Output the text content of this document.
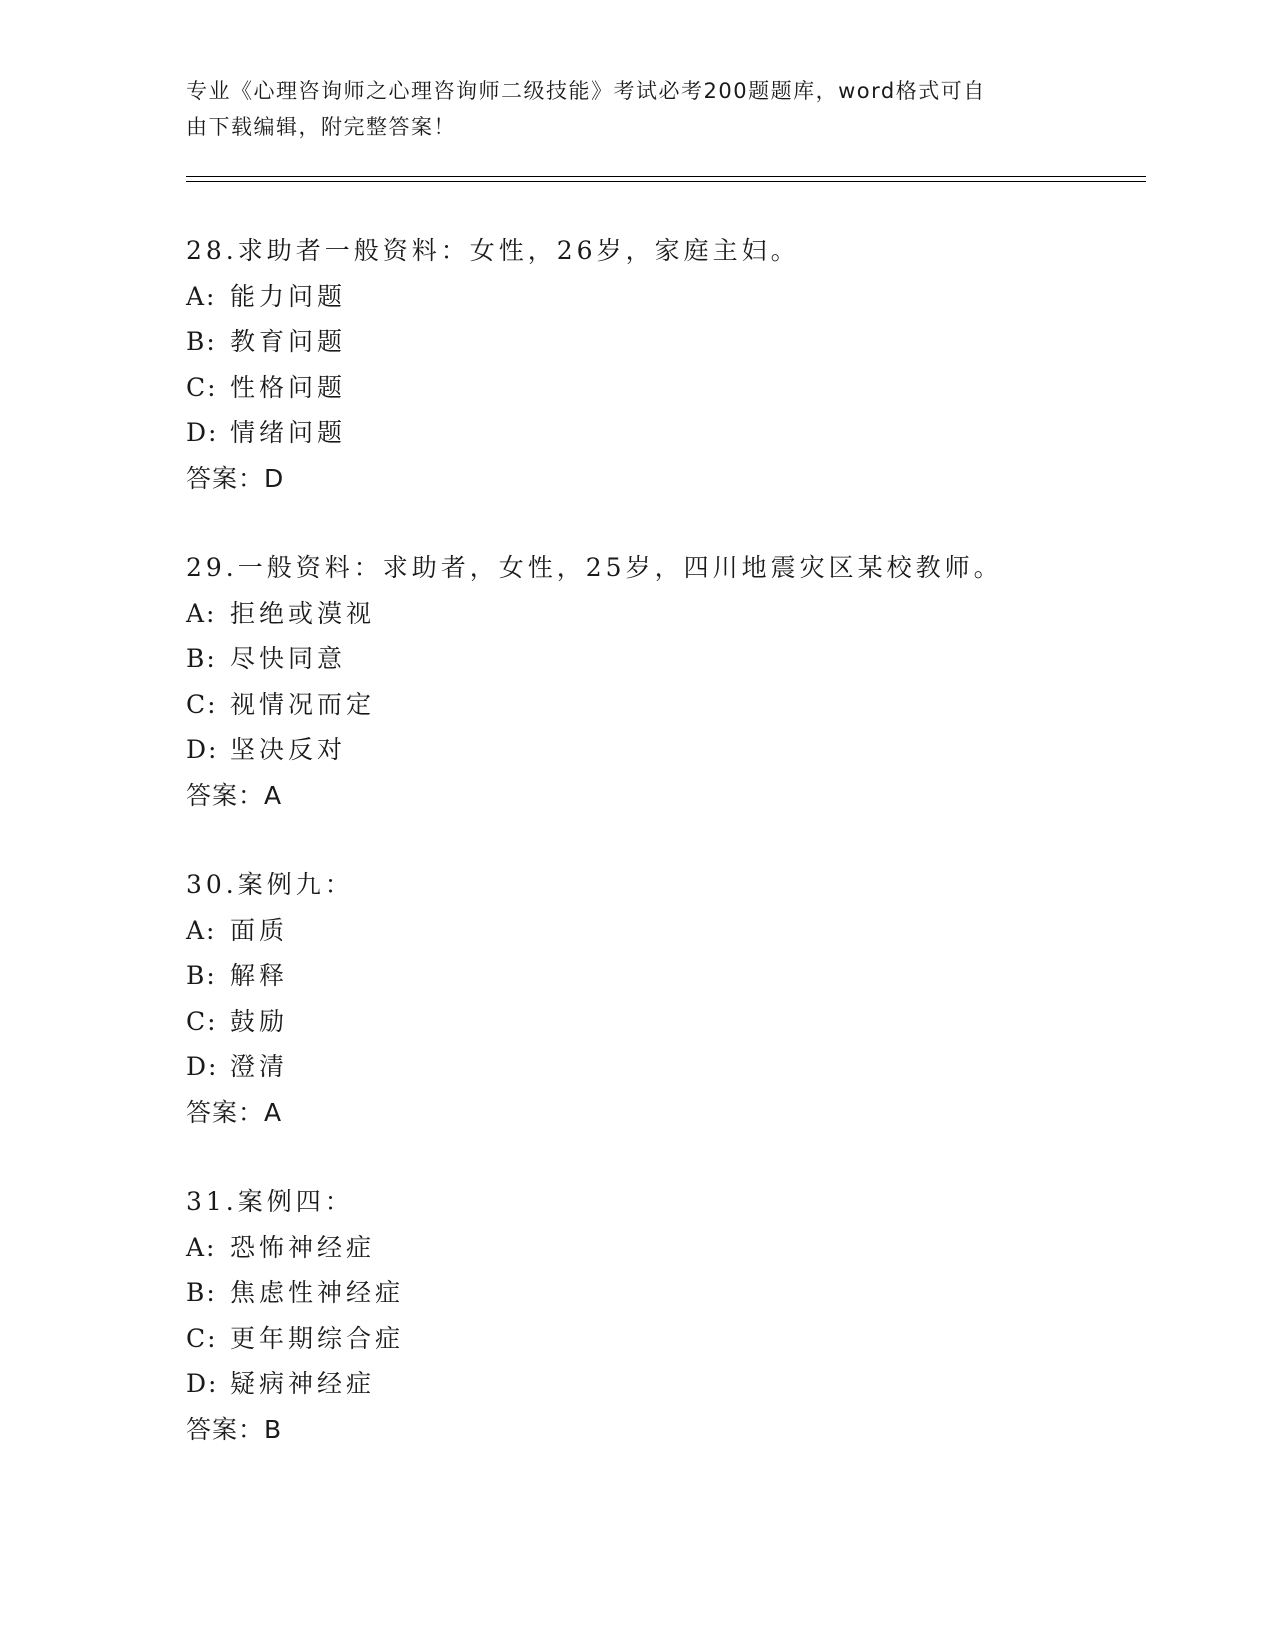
专业《心理咨询师之心理咨询师二级技能》考试必考200题题库，word格式可自
由下载编辑，附完整答案！
28.求助者一般资料：女性，26岁，家庭主妇。
A: 能力问题
B: 教育问题
C: 性格问题
D: 情绪问题
答案：D
29.一般资料：求助者，女性，25岁，四川地震灾区某校教师。
A: 拒绝或漠视
B: 尽快同意
C: 视情况而定
D: 坚决反对
答案：A
30.案例九：
A: 面质
B: 解释
C: 鼓励
D: 澄清
答案：A
31.案例四：
A: 恐怖神经症
B: 焦虑性神经症
C: 更年期综合症
D: 疑病神经症
答案：B
